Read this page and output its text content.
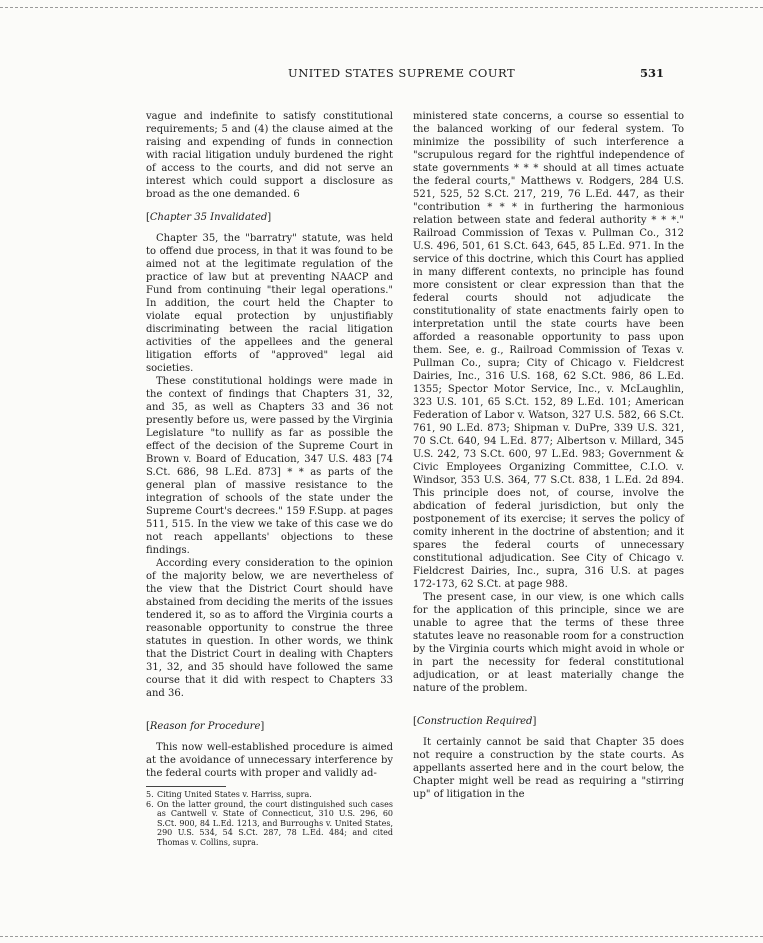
UNITED STATES SUPREME COURT	531

vague and indefinite to satisfy constitutional requirements; 5 and (4) the clause aimed at the raising and expending of funds in connection with racial litigation unduly burdened the right of access to the courts, and did not serve an interest which could support a disclosure as broad as the one demanded. 6

[Chapter 35 Invalidated]

Chapter 35, the "barratry" statute, was held to offend due process, in that it was found to be aimed not at the legitimate regulation of the practice of law but at preventing NAACP and Fund from continuing "their legal operations." In addition, the court held the Chapter to violate equal protection by unjustifiably discriminating between the racial litigation activities of the appellees and the general litigation efforts of "approved" legal aid societies.

These constitutional holdings were made in the context of findings that Chapters 31, 32, and 35, as well as Chapters 33 and 36 not presently before us, were passed by the Virginia Legislature "to nullify as far as possible the effect of the decision of the Supreme Court in Brown v. Board of Education, 347 U.S. 483 [74 S.Ct. 686, 98 L.Ed. 873] * * as parts of the general plan of massive resistance to the integration of schools of the state under the Supreme Court's decrees." 159 F.Supp. at pages 511, 515. In the view we take of this case we do not reach appellants' objections to these findings.

According every consideration to the opinion of the majority below, we are nevertheless of the view that the District Court should have abstained from deciding the merits of the issues tendered it, so as to afford the Virginia courts a reasonable opportunity to construe the three statutes in question. In other words, we think that the District Court in dealing with Chapters 31, 32, and 35 should have followed the same course that it did with respect to Chapters 33 and 36.

[Reason for Procedure]

This now well-established procedure is aimed at the avoidance of unnecessary interference by the federal courts with proper and validly ad-

5. Citing United States v. Harriss, supra.

6. On the latter ground, the court distinguished such cases as Cantwell v. State of Connecticut, 310 U.S. 296, 60 S.Ct. 900, 84 L.Ed. 1213, and Burroughs v. United States, 290 U.S. 534, 54 S.Ct. 287, 78 L.Ed. 484; and cited Thomas v. Collins, supra.

ministered state concerns, a course so essential to the balanced working of our federal system. To minimize the possibility of such interference a "scrupulous regard for the rightful independence of state governments * * * should at all times actuate the federal courts," Matthews v. Rodgers, 284 U.S. 521, 525, 52 S.Ct. 217, 219, 76 L.Ed. 447, as their "contribution * * * in furthering the harmonious relation between state and federal authority * * *." Railroad Commission of Texas v. Pullman Co., 312 U.S. 496, 501, 61 S.Ct. 643, 645, 85 L.Ed. 971. In the service of this doctrine, which this Court has applied in many different contexts, no principle has found more consistent or clear expression than that the federal courts should not adjudicate the constitutionality of state enactments fairly open to interpretation until the state courts have been afforded a reasonable opportunity to pass upon them. See, e. g., Railroad Commission of Texas v. Pullman Co., supra; City of Chicago v. Fieldcrest Dairies, Inc., 316 U.S. 168, 62 S.Ct. 986, 86 L.Ed. 1355; Spector Motor Service, Inc., v. McLaughlin, 323 U.S. 101, 65 S.Ct. 152, 89 L.Ed. 101; American Federation of Labor v. Watson, 327 U.S. 582, 66 S.Ct. 761, 90 L.Ed. 873; Shipman v. DuPre, 339 U.S. 321, 70 S.Ct. 640, 94 L.Ed. 877; Albertson v. Millard, 345 U.S. 242, 73 S.Ct. 600, 97 L.Ed. 983; Government & Civic Employees Organizing Committee, C.I.O. v. Windsor, 353 U.S. 364, 77 S.Ct. 838, 1 L.Ed. 2d 894. This principle does not, of course, involve the abdication of federal jurisdiction, but only the postponement of its exercise; it serves the policy of comity inherent in the doctrine of abstention; and it spares the federal courts of unnecessary constitutional adjudication. See City of Chicago v. Fieldcrest Dairies, Inc., supra, 316 U.S. at pages 172-173, 62 S.Ct. at page 988.

The present case, in our view, is one which calls for the application of this principle, since we are unable to agree that the terms of these three statutes leave no reasonable room for a construction by the Virginia courts which might avoid in whole or in part the necessity for federal constitutional adjudication, or at least materially change the nature of the problem.

[Construction Required]

It certainly cannot be said that Chapter 35 does not require a construction by the state courts. As appellants asserted here and in the court below, the Chapter might well be read as requiring a "stirring up" of litigation in the
